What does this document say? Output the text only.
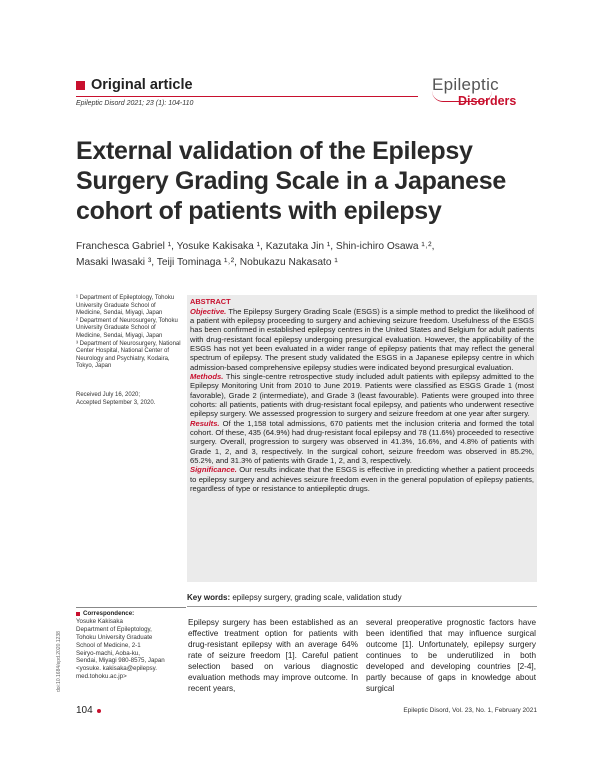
Original article
Epileptic Disord 2021; 23 (1): 104-110
Epileptic
Disorders
External validation of the Epilepsy Surgery Grading Scale in a Japanese cohort of patients with epilepsy
Franchesca Gabriel ¹, Yosuke Kakisaka ¹, Kazutaka Jin ¹, Shin-ichiro Osawa ¹˒²,
Masaki Iwasaki ³, Teiji Tominaga ¹˒², Nobukazu Nakasato ¹
¹ Department of Epileptology, Tohoku University Graduate School of Medicine, Sendai, Miyagi, Japan
² Department of Neurosurgery, Tohoku University Graduate School of Medicine, Sendai, Miyagi, Japan
³ Department of Neurosurgery, National Center Hospital, National Center of Neurology and Psychiatry, Kodaira, Tokyo, Japan
Received July 16, 2020;
Accepted September 3, 2020.
ABSTRACT

Objective. The Epilepsy Surgery Grading Scale (ESGS) is a simple method to predict the likelihood of a patient with epilepsy proceeding to surgery and achieving seizure freedom. Usefulness of the ESGS has been confirmed in established epilepsy centres in the United States and Belgium for adult patients with drug-resistant focal epilepsy undergoing presurgical evaluation. However, the applicability of the ESGS has not yet been evaluated in a wider range of epilepsy patients that may reflect the general spectrum of epilepsy. The present study validated the ESGS in a Japanese epilepsy centre in which admission-based comprehensive epilepsy studies were indicated beyond presurgical evaluation.

Methods. This single-centre retrospective study included adult patients with epilepsy admitted to the Epilepsy Monitoring Unit from 2010 to June 2019. Patients were classified as ESGS Grade 1 (most favorable), Grade 2 (intermediate), and Grade 3 (least favourable). Patients were grouped into three cohorts: all patients, patients with drug-resistant focal epilepsy, and patients who underwent resective epilepsy surgery. We assessed progression to surgery and seizure freedom at one year after surgery.

Results. Of the 1,158 total admissions, 670 patients met the inclusion criteria and formed the total cohort. Of these, 435 (64.9%) had drug-resistant focal epilepsy and 78 (11.6%) proceeded to resective surgery. Overall, progression to surgery was observed in 41.3%, 16.6%, and 4.8% of patients with Grade 1, 2, and 3, respectively. In the surgical cohort, seizure freedom was observed in 85.2%, 65.2%, and 31.3% of patients with Grade 1, 2, and 3, respectively.

Significance. Our results indicate that the ESGS is effective in predicting whether a patient proceeds to epilepsy surgery and achieves seizure freedom even in the general population of epilepsy patients, regardless of type or resistance to antiepileptic drugs.

Key words: epilepsy surgery, grading scale, validation study
doi:10.1684/epd.2020.1238
Correspondence:
Yosuke Kakisaka
Department of Epileptology,
Tohoku University Graduate
School of Medicine, 2-1
Seiryo-machi, Aoba-ku,
Sendai, Miyagi 980-8575, Japan
<yosuke. kakisaka@epilepsy.
med.tohoku.ac.jp>
Epilepsy surgery has been established as an effective treatment option for patients with drug-resistant epilepsy with an average 64% rate of seizure freedom [1]. Careful patient selection based on various diagnostic evaluation methods may improve outcome. In recent years,
several preoperative prognostic factors have been identified that may influence surgical outcome [1]. Unfortunately, epilepsy surgery continues to be underutilized in both developed and developing countries [2-4], partly because of gaps in knowledge about surgical
104	Epileptic Disord, Vol. 23, No. 1, February 2021
